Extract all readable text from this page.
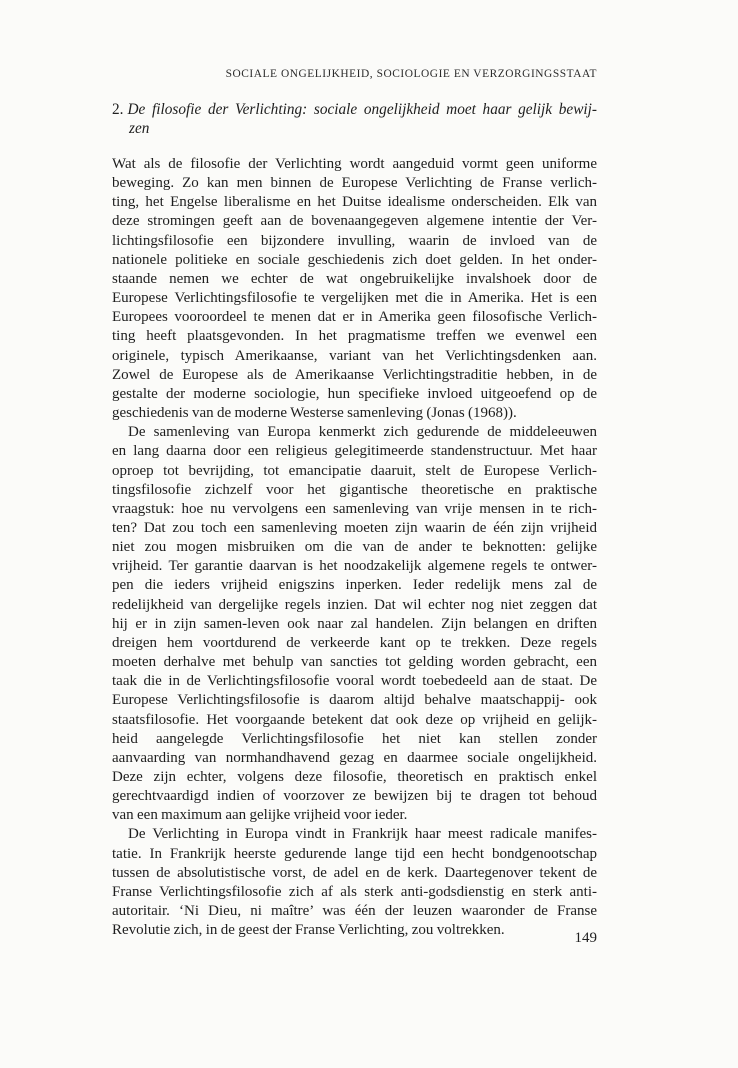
SOCIALE ONGELIJKHEID, SOCIOLOGIE EN VERZORGINGSSTAAT
2. De filosofie der Verlichting: sociale ongelijkheid moet haar gelijk bewij-
zen
Wat als de filosofie der Verlichting wordt aangeduid vormt geen uniforme
beweging. Zo kan men binnen de Europese Verlichting de Franse verlich-
ting, het Engelse liberalisme en het Duitse idealisme onderscheiden. Elk van
deze stromingen geeft aan de bovenaangegeven algemene intentie der Ver-
lichtingsfilosofie een bijzondere invulling, waarin de invloed van de
nationele politieke en sociale geschiedenis zich doet gelden. In het onder-
staande nemen we echter de wat ongebruikelijke invalshoek door de
Europese Verlichtingsfilosofie te vergelijken met die in Amerika. Het is een
Europees vooroordeel te menen dat er in Amerika geen filosofische Verlich-
ting heeft plaatsgevonden. In het pragmatisme treffen we evenwel een
originele, typisch Amerikaanse, variant van het Verlichtingsdenken aan.
Zowel de Europese als de Amerikaanse Verlichtingstraditie hebben, in de
gestalte der moderne sociologie, hun specifieke invloed uitgeoefend op de
geschiedenis van de moderne Westerse samenleving (Jonas (1968)).
De samenleving van Europa kenmerkt zich gedurende de middeleeuwen
en lang daarna door een religieus gelegitimeerde standenstructuur. Met haar
oproep tot bevrijding, tot emancipatie daaruit, stelt de Europese Verlich-
tingsfilosofie zichzelf voor het gigantische theoretische en praktische
vraagstuk: hoe nu vervolgens een samenleving van vrije mensen in te rich-
ten? Dat zou toch een samenleving moeten zijn waarin de één zijn vrijheid
niet zou mogen misbruiken om die van de ander te beknotten: gelijke
vrijheid. Ter garantie daarvan is het noodzakelijk algemene regels te ontwer-
pen die ieders vrijheid enigszins inperken. Ieder redelijk mens zal de
redelijkheid van dergelijke regels inzien. Dat wil echter nog niet zeggen dat
hij er in zijn samen-leven ook naar zal handelen. Zijn belangen en driften
dreigen hem voortdurend de verkeerde kant op te trekken. Deze regels
moeten derhalve met behulp van sancties tot gelding worden gebracht, een
taak die in de Verlichtingsfilosofie vooral wordt toebedeeld aan de staat. De
Europese Verlichtingsfilosofie is daarom altijd behalve maatschappij- ook
staatsfilosofie. Het voorgaande betekent dat ook deze op vrijheid en gelijk-
heid aangelegde Verlichtingsfilosofie het niet kan stellen zonder
aanvaarding van normhandhavend gezag en daarmee sociale ongelijkheid.
Deze zijn echter, volgens deze filosofie, theoretisch en praktisch enkel
gerechtvaardigd indien of voorzover ze bewijzen bij te dragen tot behoud
van een maximum aan gelijke vrijheid voor ieder.
De Verlichting in Europa vindt in Frankrijk haar meest radicale manifes-
tatie. In Frankrijk heerste gedurende lange tijd een hecht bondgenootschap
tussen de absolutistische vorst, de adel en de kerk. Daartegenover tekent de
Franse Verlichtingsfilosofie zich af als sterk anti-godsdienstig en sterk anti-
autoritair. ‘Ni Dieu, ni maître’ was één der leuzen waaronder de Franse
Revolutie zich, in de geest der Franse Verlichting, zou voltrekken.	149
